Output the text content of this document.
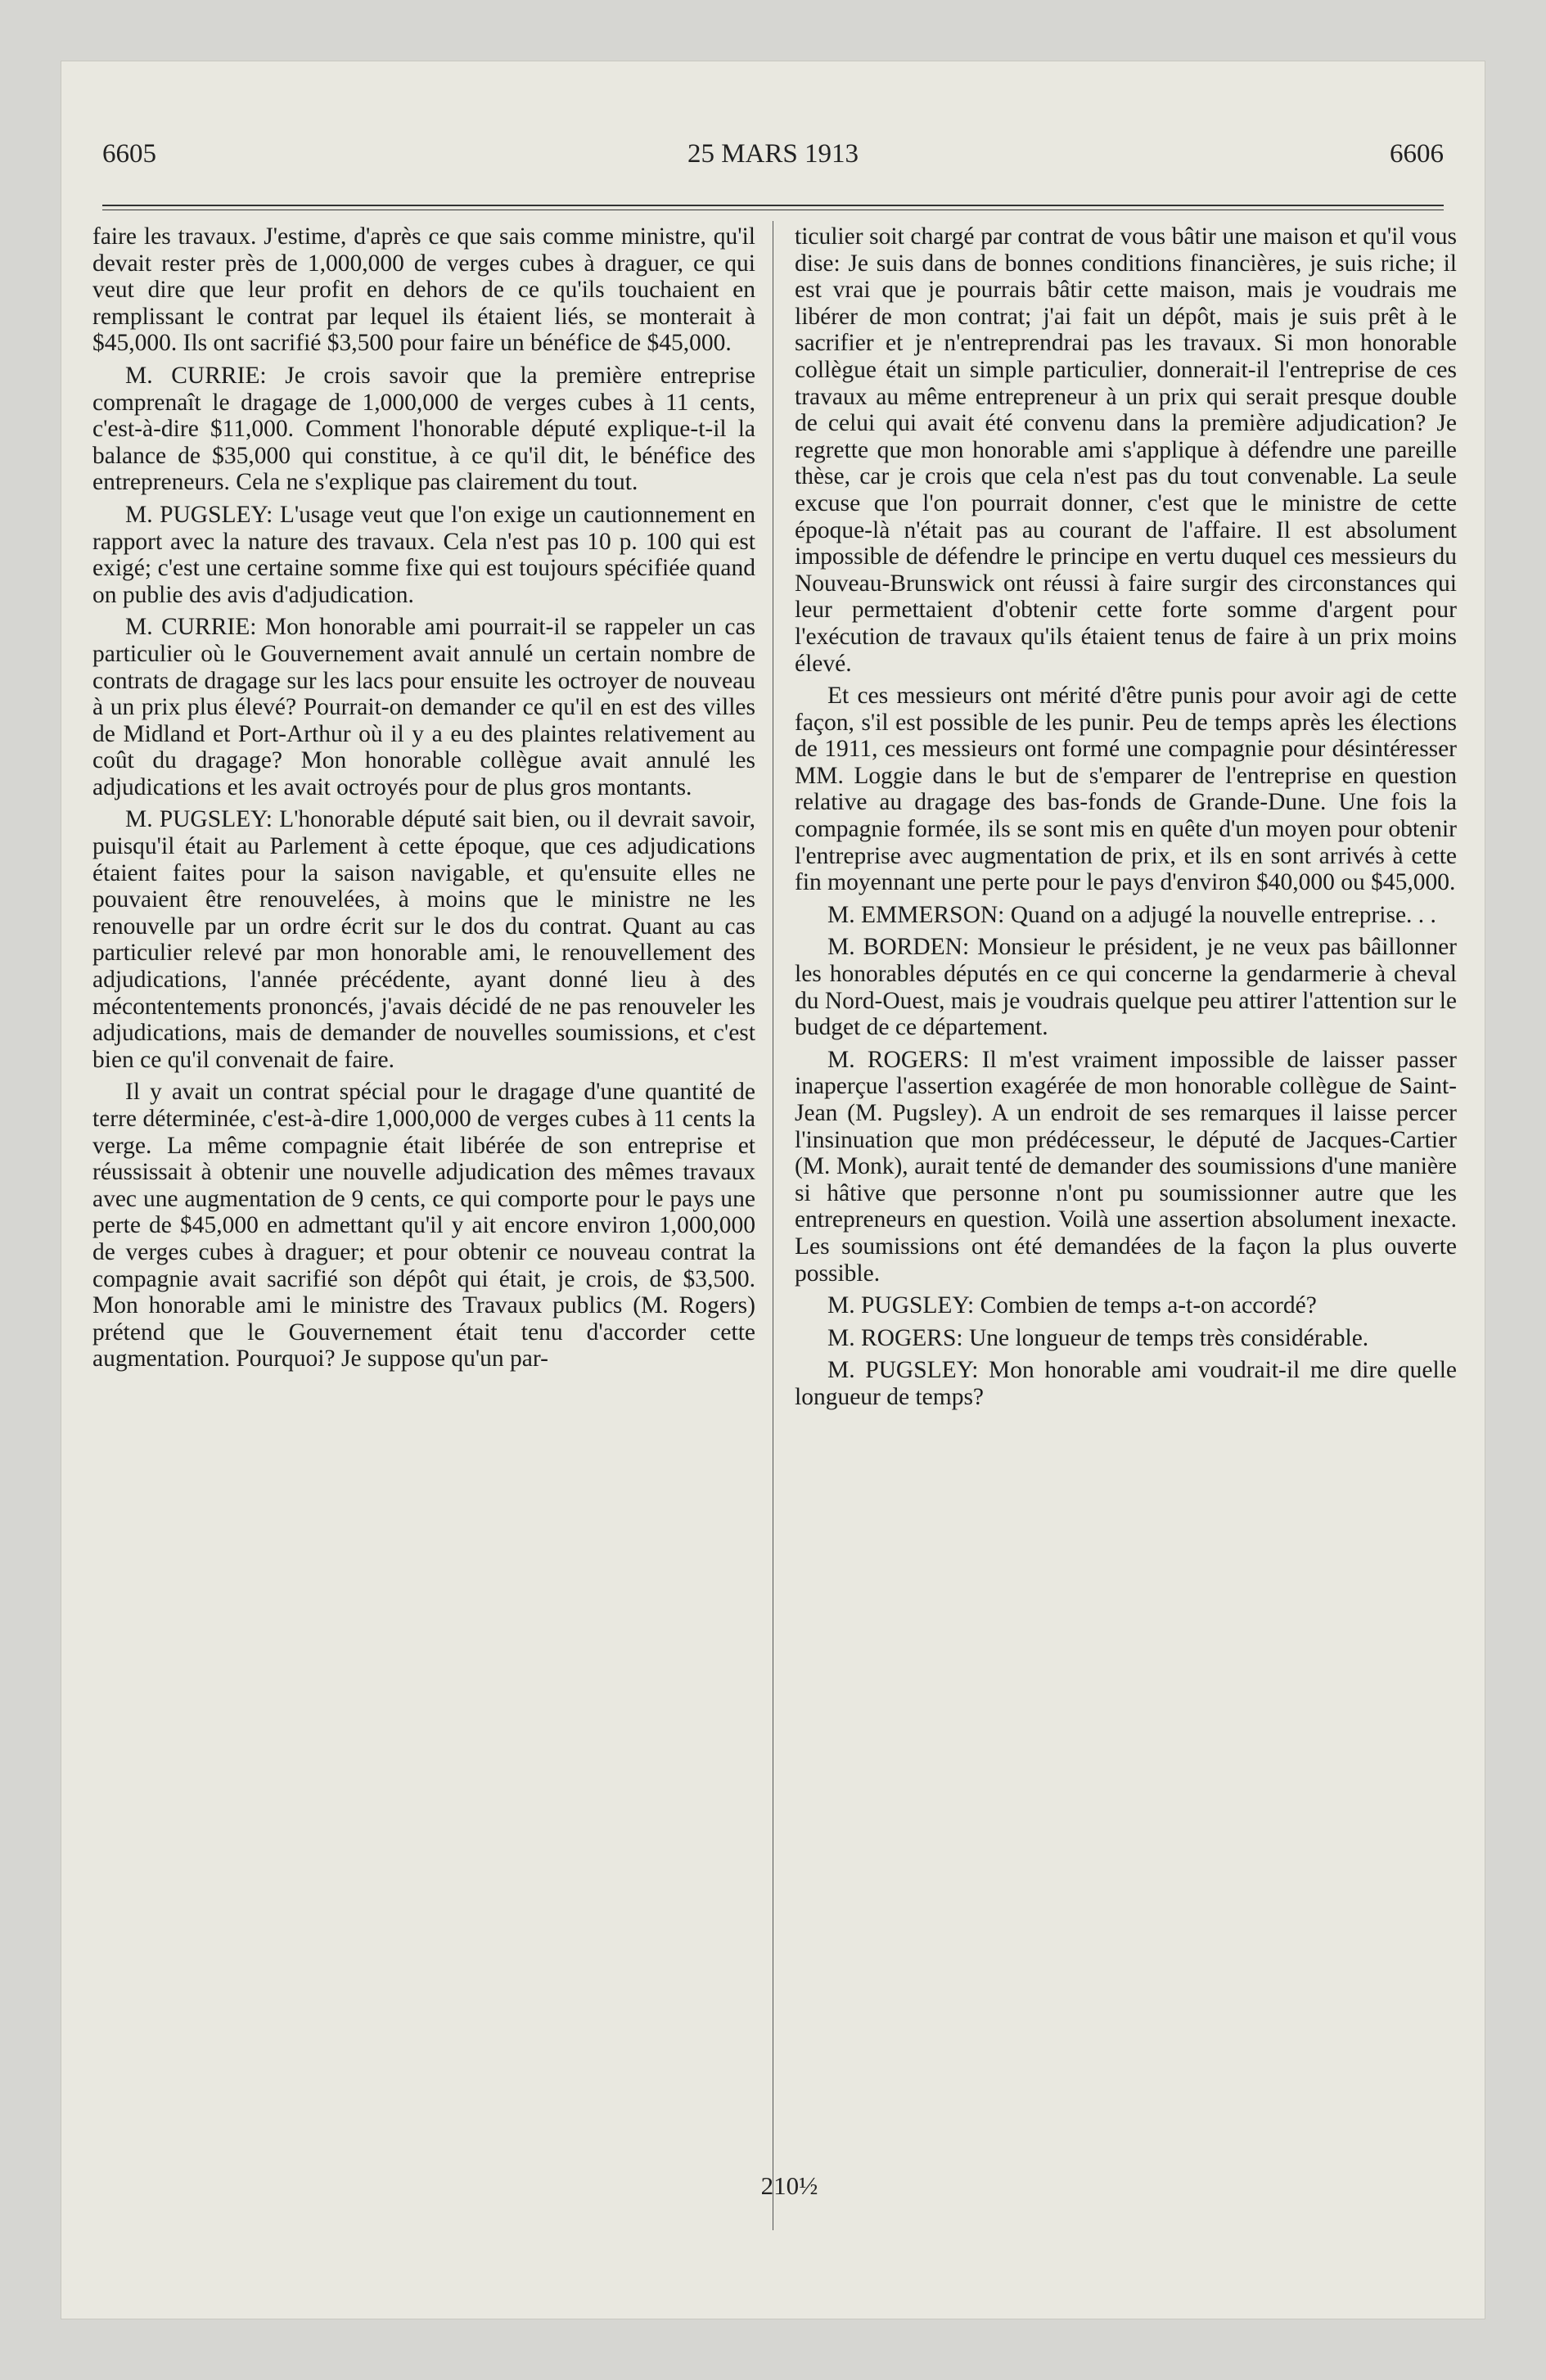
6605	25 MARS 1913	6606

faire les travaux. J'estime, d'après ce que sais comme ministre, qu'il devait rester près de 1,000,000 de verges cubes à draguer, ce qui veut dire que leur profit en dehors de ce qu'ils touchaient en remplissant le contrat par lequel ils étaient liés, se monterait à $45,000. Ils ont sacrifié $3,500 pour faire un bénéfice de $45,000.

M. CURRIE: Je crois savoir que la première entreprise comprenaît le dragage de 1,000,000 de verges cubes à 11 cents, c'est-à-dire $11,000. Comment l'honorable député explique-t-il la balance de $35,000 qui constitue, à ce qu'il dit, le bénéfice des entrepreneurs. Cela ne s'explique pas clairement du tout.

M. PUGSLEY: L'usage veut que l'on exige un cautionnement en rapport avec la nature des travaux. Cela n'est pas 10 p. 100 qui est exigé; c'est une certaine somme fixe qui est toujours spécifiée quand on publie des avis d'adjudication.

M. CURRIE: Mon honorable ami pourrait-il se rappeler un cas particulier où le Gouvernement avait annulé un certain nombre de contrats de dragage sur les lacs pour ensuite les octroyer de nouveau à un prix plus élevé? Pourrait-on demander ce qu'il en est des villes de Midland et Port-Arthur où il y a eu des plaintes relativement au coût du dragage? Mon honorable collègue avait annulé les adjudications et les avait octroyés pour de plus gros montants.

M. PUGSLEY: L'honorable député sait bien, ou il devrait savoir, puisqu'il était au Parlement à cette époque, que ces adjudications étaient faites pour la saison navigable, et qu'ensuite elles ne pouvaient être renouvelées, à moins que le ministre ne les renouvelle par un ordre écrit sur le dos du contrat. Quant au cas particulier relevé par mon honorable ami, le renouvellement des adjudications, l'année précédente, ayant donné lieu à des mécontentements prononcés, j'avais décidé de ne pas renouveler les adjudications, mais de demander de nouvelles soumissions, et c'est bien ce qu'il convenait de faire.

Il y avait un contrat spécial pour le dragage d'une quantité de terre déterminée, c'est-à-dire 1,000,000 de verges cubes à 11 cents la verge. La même compagnie était libérée de son entreprise et réussissait à obtenir une nouvelle adjudication des mêmes travaux avec une augmentation de 9 cents, ce qui comporte pour le pays une perte de $45,000 en admettant qu'il y ait encore environ 1,000,000 de verges cubes à draguer; et pour obtenir ce nouveau contrat la compagnie avait sacrifié son dépôt qui était, je crois, de $3,500. Mon honorable ami le ministre des Travaux publics (M. Rogers) prétend que le Gouvernement était tenu d'accorder cette augmentation. Pourquoi? Je suppose qu'un par-

ticulier soit chargé par contrat de vous bâtir une maison et qu'il vous dise: Je suis dans de bonnes conditions financières, je suis riche; il est vrai que je pourrais bâtir cette maison, mais je voudrais me libérer de mon contrat; j'ai fait un dépôt, mais je suis prêt à le sacrifier et je n'entreprendrai pas les travaux. Si mon honorable collègue était un simple particulier, donnerait-il l'entreprise de ces travaux au même entrepreneur à un prix qui serait presque double de celui qui avait été convenu dans la première adjudication? Je regrette que mon honorable ami s'applique à défendre une pareille thèse, car je crois que cela n'est pas du tout convenable. La seule excuse que l'on pourrait donner, c'est que le ministre de cette époque-là n'était pas au courant de l'affaire. Il est absolument impossible de défendre le principe en vertu duquel ces messieurs du Nouveau-Brunswick ont réussi à faire surgir des circonstances qui leur permettaient d'obtenir cette forte somme d'argent pour l'exécution de travaux qu'ils étaient tenus de faire à un prix moins élevé.

Et ces messieurs ont mérité d'être punis pour avoir agi de cette façon, s'il est possible de les punir. Peu de temps après les élections de 1911, ces messieurs ont formé une compagnie pour désintéresser MM. Loggie dans le but de s'emparer de l'entreprise en question relative au dragage des bas-fonds de Grande-Dune. Une fois la compagnie formée, ils se sont mis en quête d'un moyen pour obtenir l'entreprise avec augmentation de prix, et ils en sont arrivés à cette fin moyennant une perte pour le pays d'environ $40,000 ou $45,000.

M. EMMERSON: Quand on a adjugé la nouvelle entreprise. . .

M. BORDEN: Monsieur le président, je ne veux pas bâillonner les honorables députés en ce qui concerne la gendarmerie à cheval du Nord-Ouest, mais je voudrais quelque peu attirer l'attention sur le budget de ce département.

M. ROGERS: Il m'est vraiment impossible de laisser passer inaperçue l'assertion exagérée de mon honorable collègue de Saint-Jean (M. Pugsley). A un endroit de ses remarques il laisse percer l'insinuation que mon prédécesseur, le député de Jacques-Cartier (M. Monk), aurait tenté de demander des soumissions d'une manière si hâtive que personne n'ont pu soumissionner autre que les entrepreneurs en question. Voilà une assertion absolument inexacte. Les soumissions ont été demandées de la façon la plus ouverte possible.

M. PUGSLEY: Combien de temps a-t-on accordé?

M. ROGERS: Une longueur de temps très considérable.

M. PUGSLEY: Mon honorable ami voudrait-il me dire quelle longueur de temps?

210½
